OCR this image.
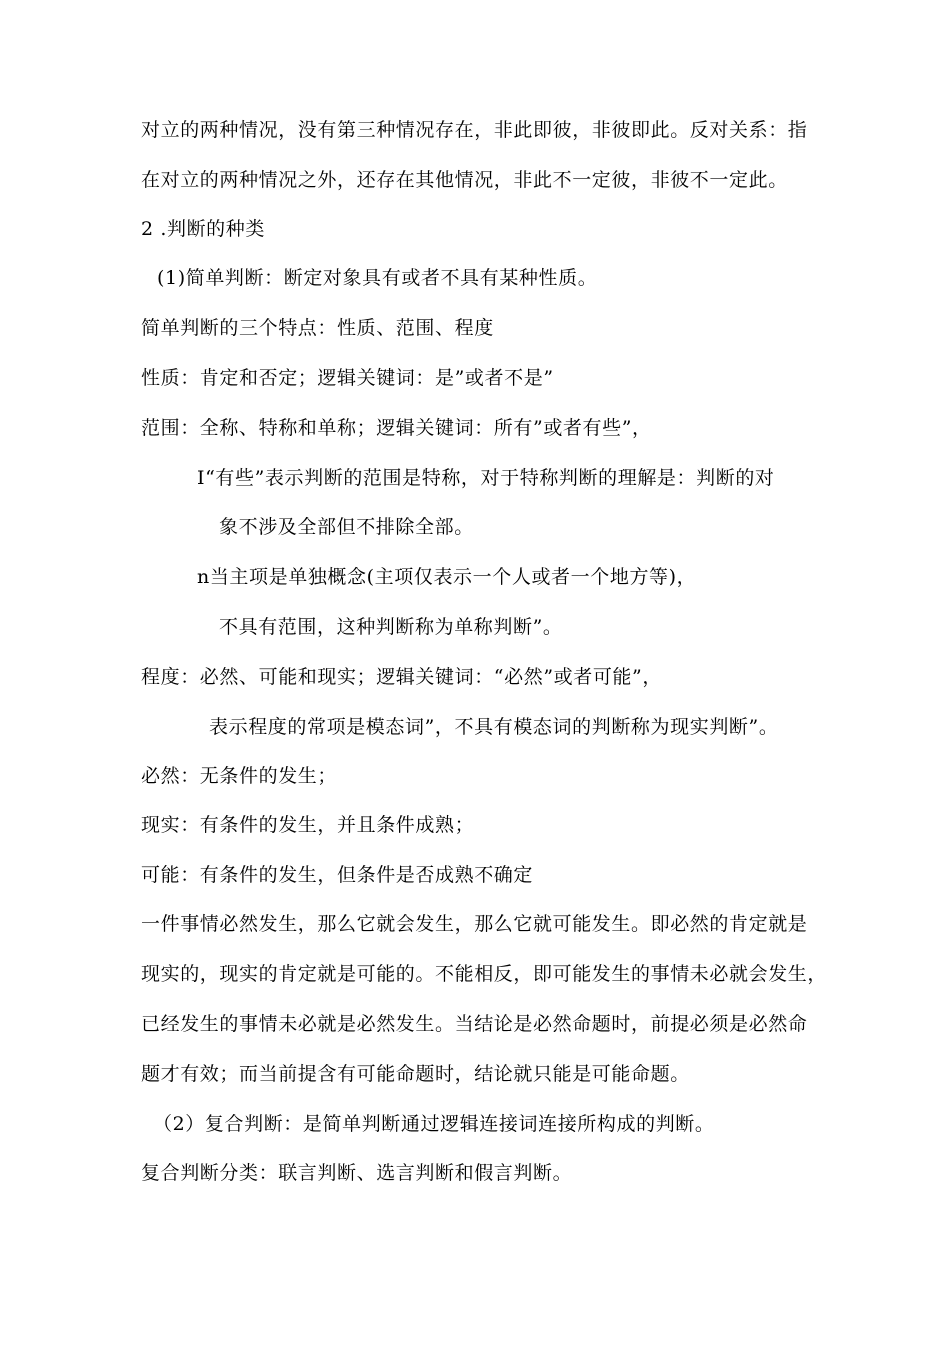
对立的两种情况，没有第三种情况存在，非此即彼，非彼即此。反对关系：指
在对立的两种情况之外，还存在其他情况，非此不一定彼，非彼不一定此。
2 .判断的种类
(1)简单判断：断定对象具有或者不具有某种性质。
简单判断的三个特点：性质、范围、程度
性质：肯定和否定；逻辑关键词：是”或者不是”
范围：全称、特称和单称；逻辑关键词：所有”或者有些”，
I“有些”表示判断的范围是特称，对于特称判断的理解是：判断的对
象不涉及全部但不排除全部。
n当主项是单独概念(主项仅表示一个人或者一个地方等)，
不具有范围，这种判断称为单称判断”。
程度：必然、可能和现实；逻辑关键词：“必然”或者可能”，
表示程度的常项是模态词”，不具有模态词的判断称为现实判断”。
必然：无条件的发生；
现实：有条件的发生，并且条件成熟；
可能：有条件的发生，但条件是否成熟不确定
一件事情必然发生，那么它就会发生，那么它就可能发生。即必然的肯定就是
现实的，现实的肯定就是可能的。不能相反，即可能发生的事情未必就会发生，
已经发生的事情未必就是必然发生。当结论是必然命题时，前提必须是必然命
题才有效；而当前提含有可能命题时，结论就只能是可能命题。
（2）复合判断：是简单判断通过逻辑连接词连接所构成的判断。
复合判断分类：联言判断、选言判断和假言判断。
